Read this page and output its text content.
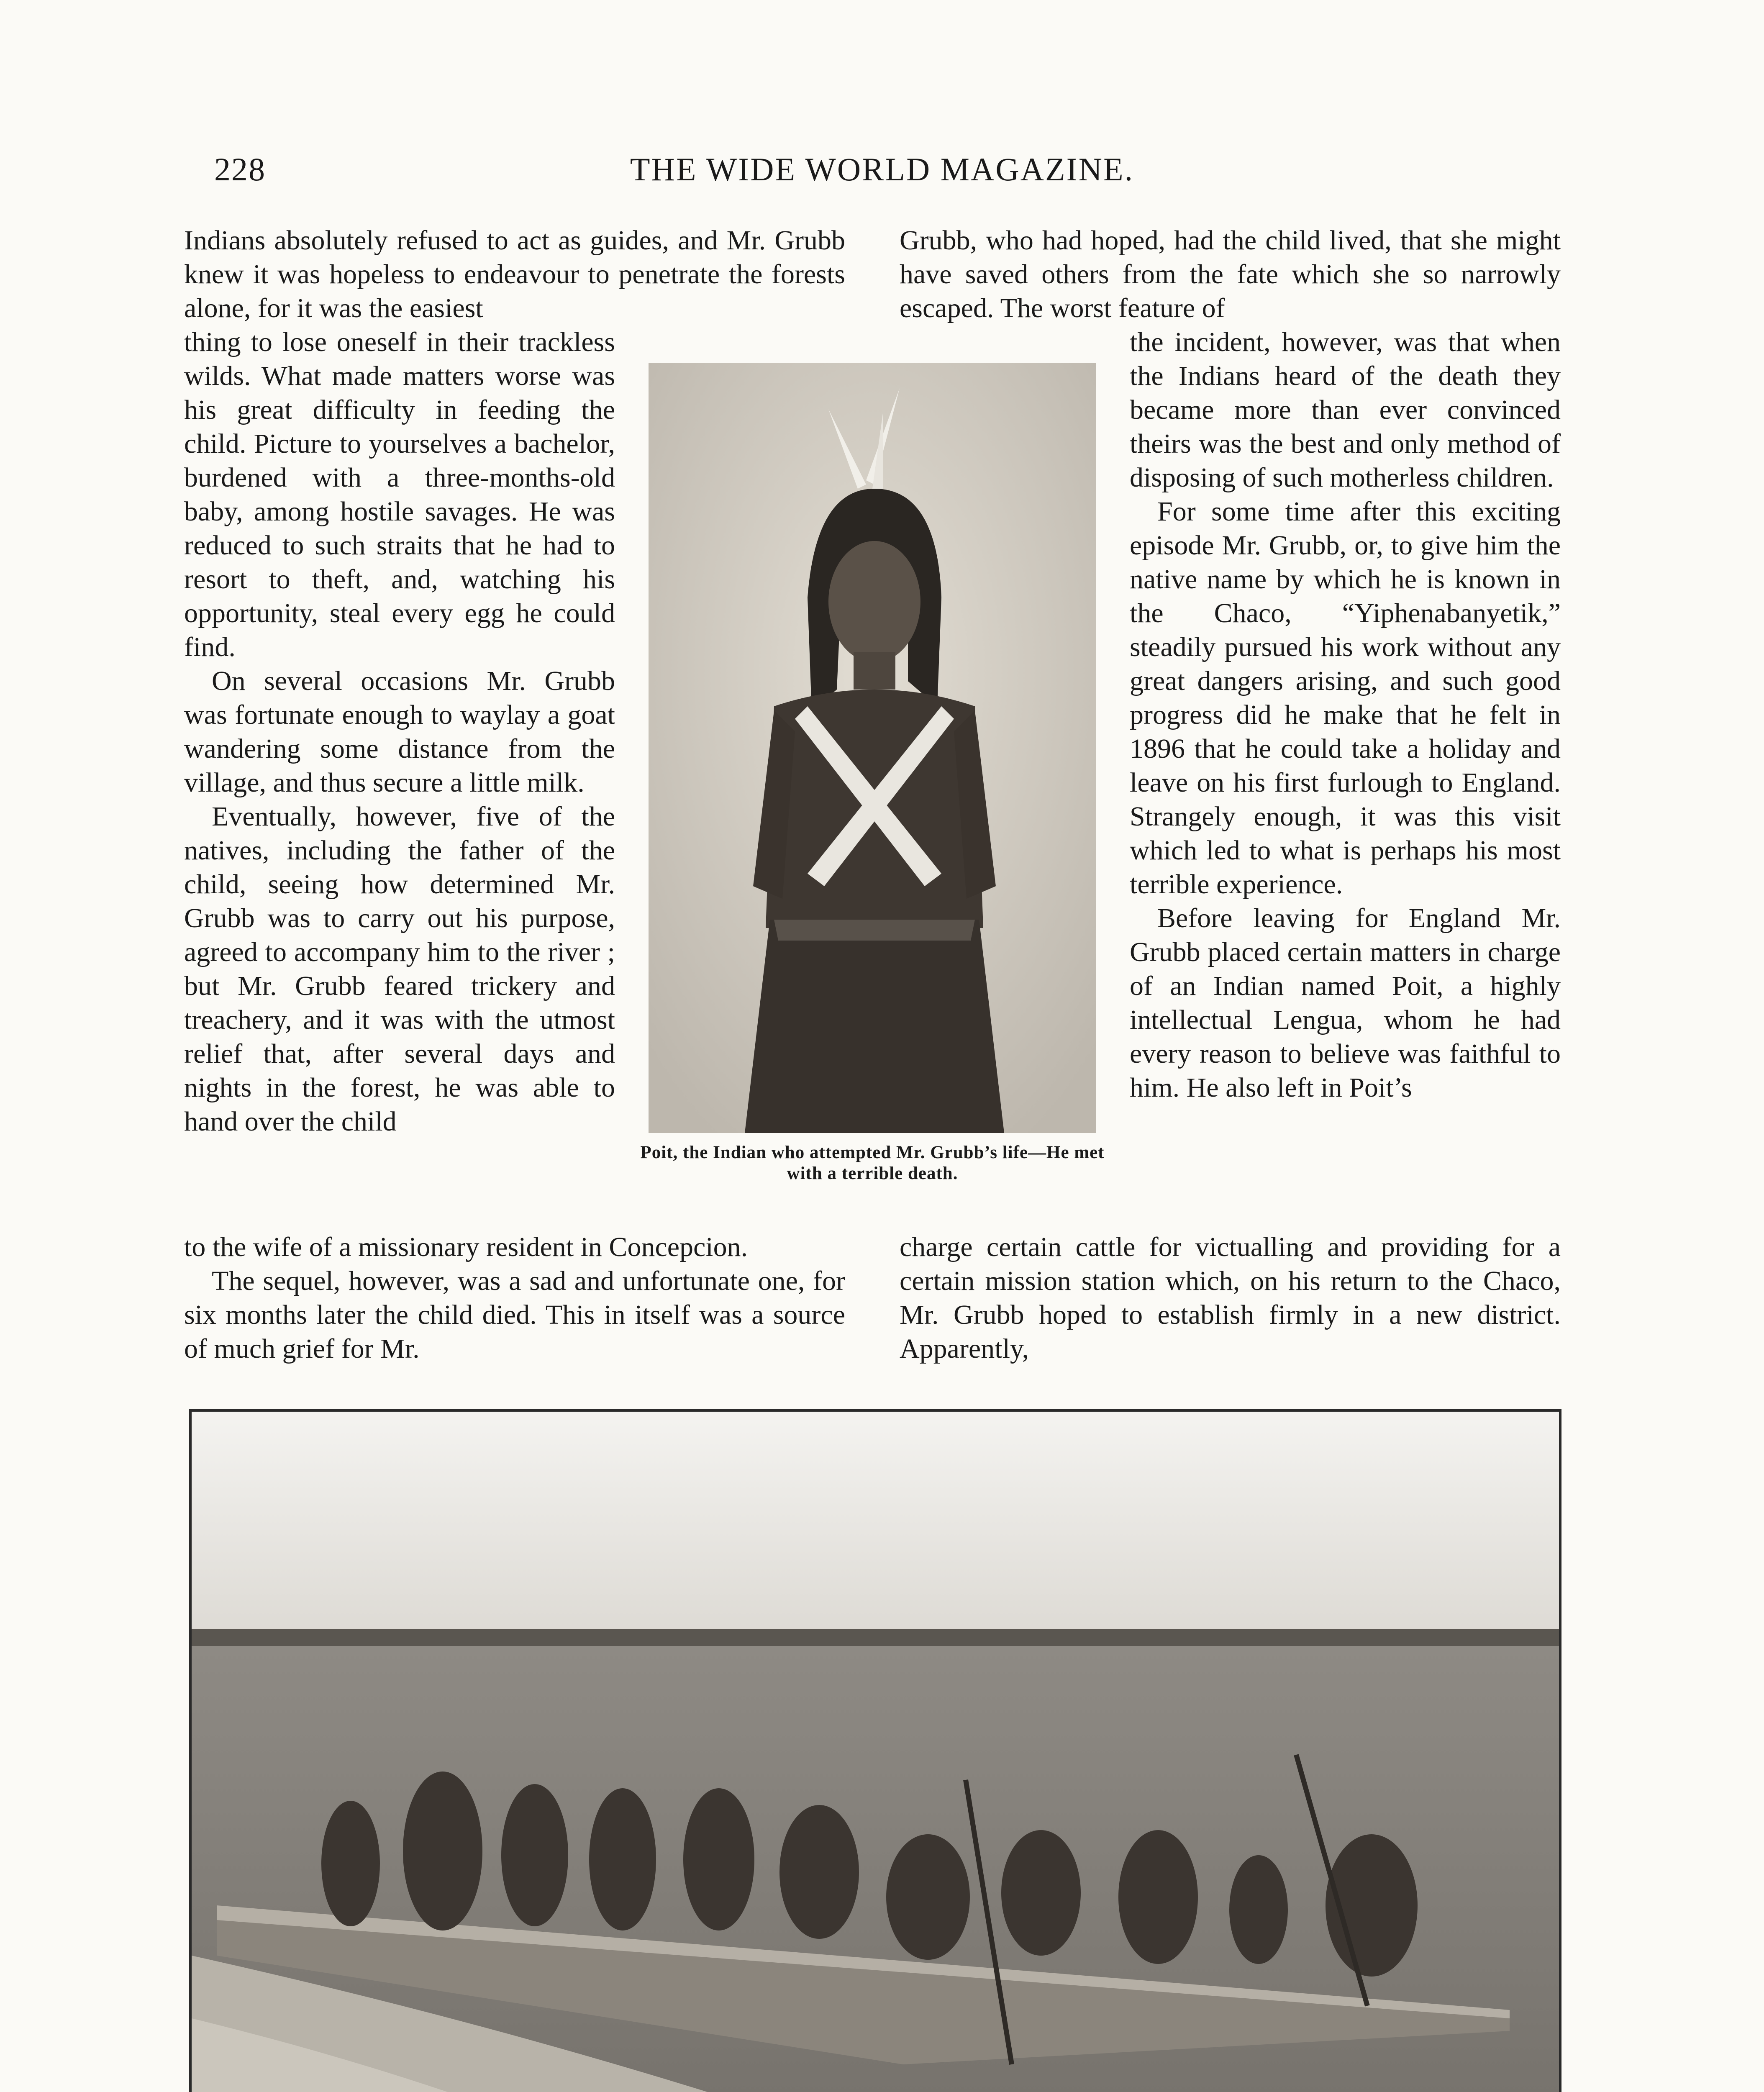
228	THE WIDE WORLD MAGAZINE.

Indians absolutely refused to act as guides, and Mr. Grubb knew it was hopeless to endeavour to penetrate the forests alone, for it was the easiest

thing to lose oneself in their trackless wilds. What made matters worse was his great difficulty in feeding the child. Picture to yourselves a bachelor, burdened with a three-months-old baby, among hostile savages. He was reduced to such straits that he had to resort to theft, and, watching his opportunity, steal every egg he could find.

On several occasions Mr. Grubb was fortunate enough to waylay a goat wandering some distance from the village, and thus secure a little milk.

Eventually, however, five of the natives, including the father of the child, seeing how determined Mr. Grubb was to carry out his purpose, agreed to accompany him to the river ; but Mr. Grubb feared trickery and treachery, and it was with the utmost relief that, after several days and nights in the forest, he was able to hand over the child

to the wife of a missionary resident in Concepcion.

The sequel, however, was a sad and unfortunate one, for six months later the child died. This in itself was a source of much grief for Mr.

Poit, the Indian who attempted Mr. Grubb’s life—He met with a terrible death.

Grubb, who had hoped, had the child lived, that she might have saved others from the fate which she so narrowly escaped. The worst feature of

the incident, however, was that when the Indians heard of the death they became more than ever convinced theirs was the best and only method of disposing of such motherless children.

For some time after this exciting episode Mr. Grubb, or, to give him the native name by which he is known in the Chaco, “Yiphenabanyetik,” steadily pursued his work without any great dangers arising, and such good progress did he make that he felt in 1896 that he could take a holiday and leave on his first furlough to England. Strangely enough, it was this visit which led to what is perhaps his most terrible experience.

Before leaving for England Mr. Grubb placed certain matters in charge of an Indian named Poit, a highly intellectual Lengua, whom he had every reason to believe was faithful to him. He also left in Poit’s

charge certain cattle for victualling and providing for a certain mission station which, on his return to the Chaco, Mr. Grubb hoped to establish firmly in a new district. Apparently,
